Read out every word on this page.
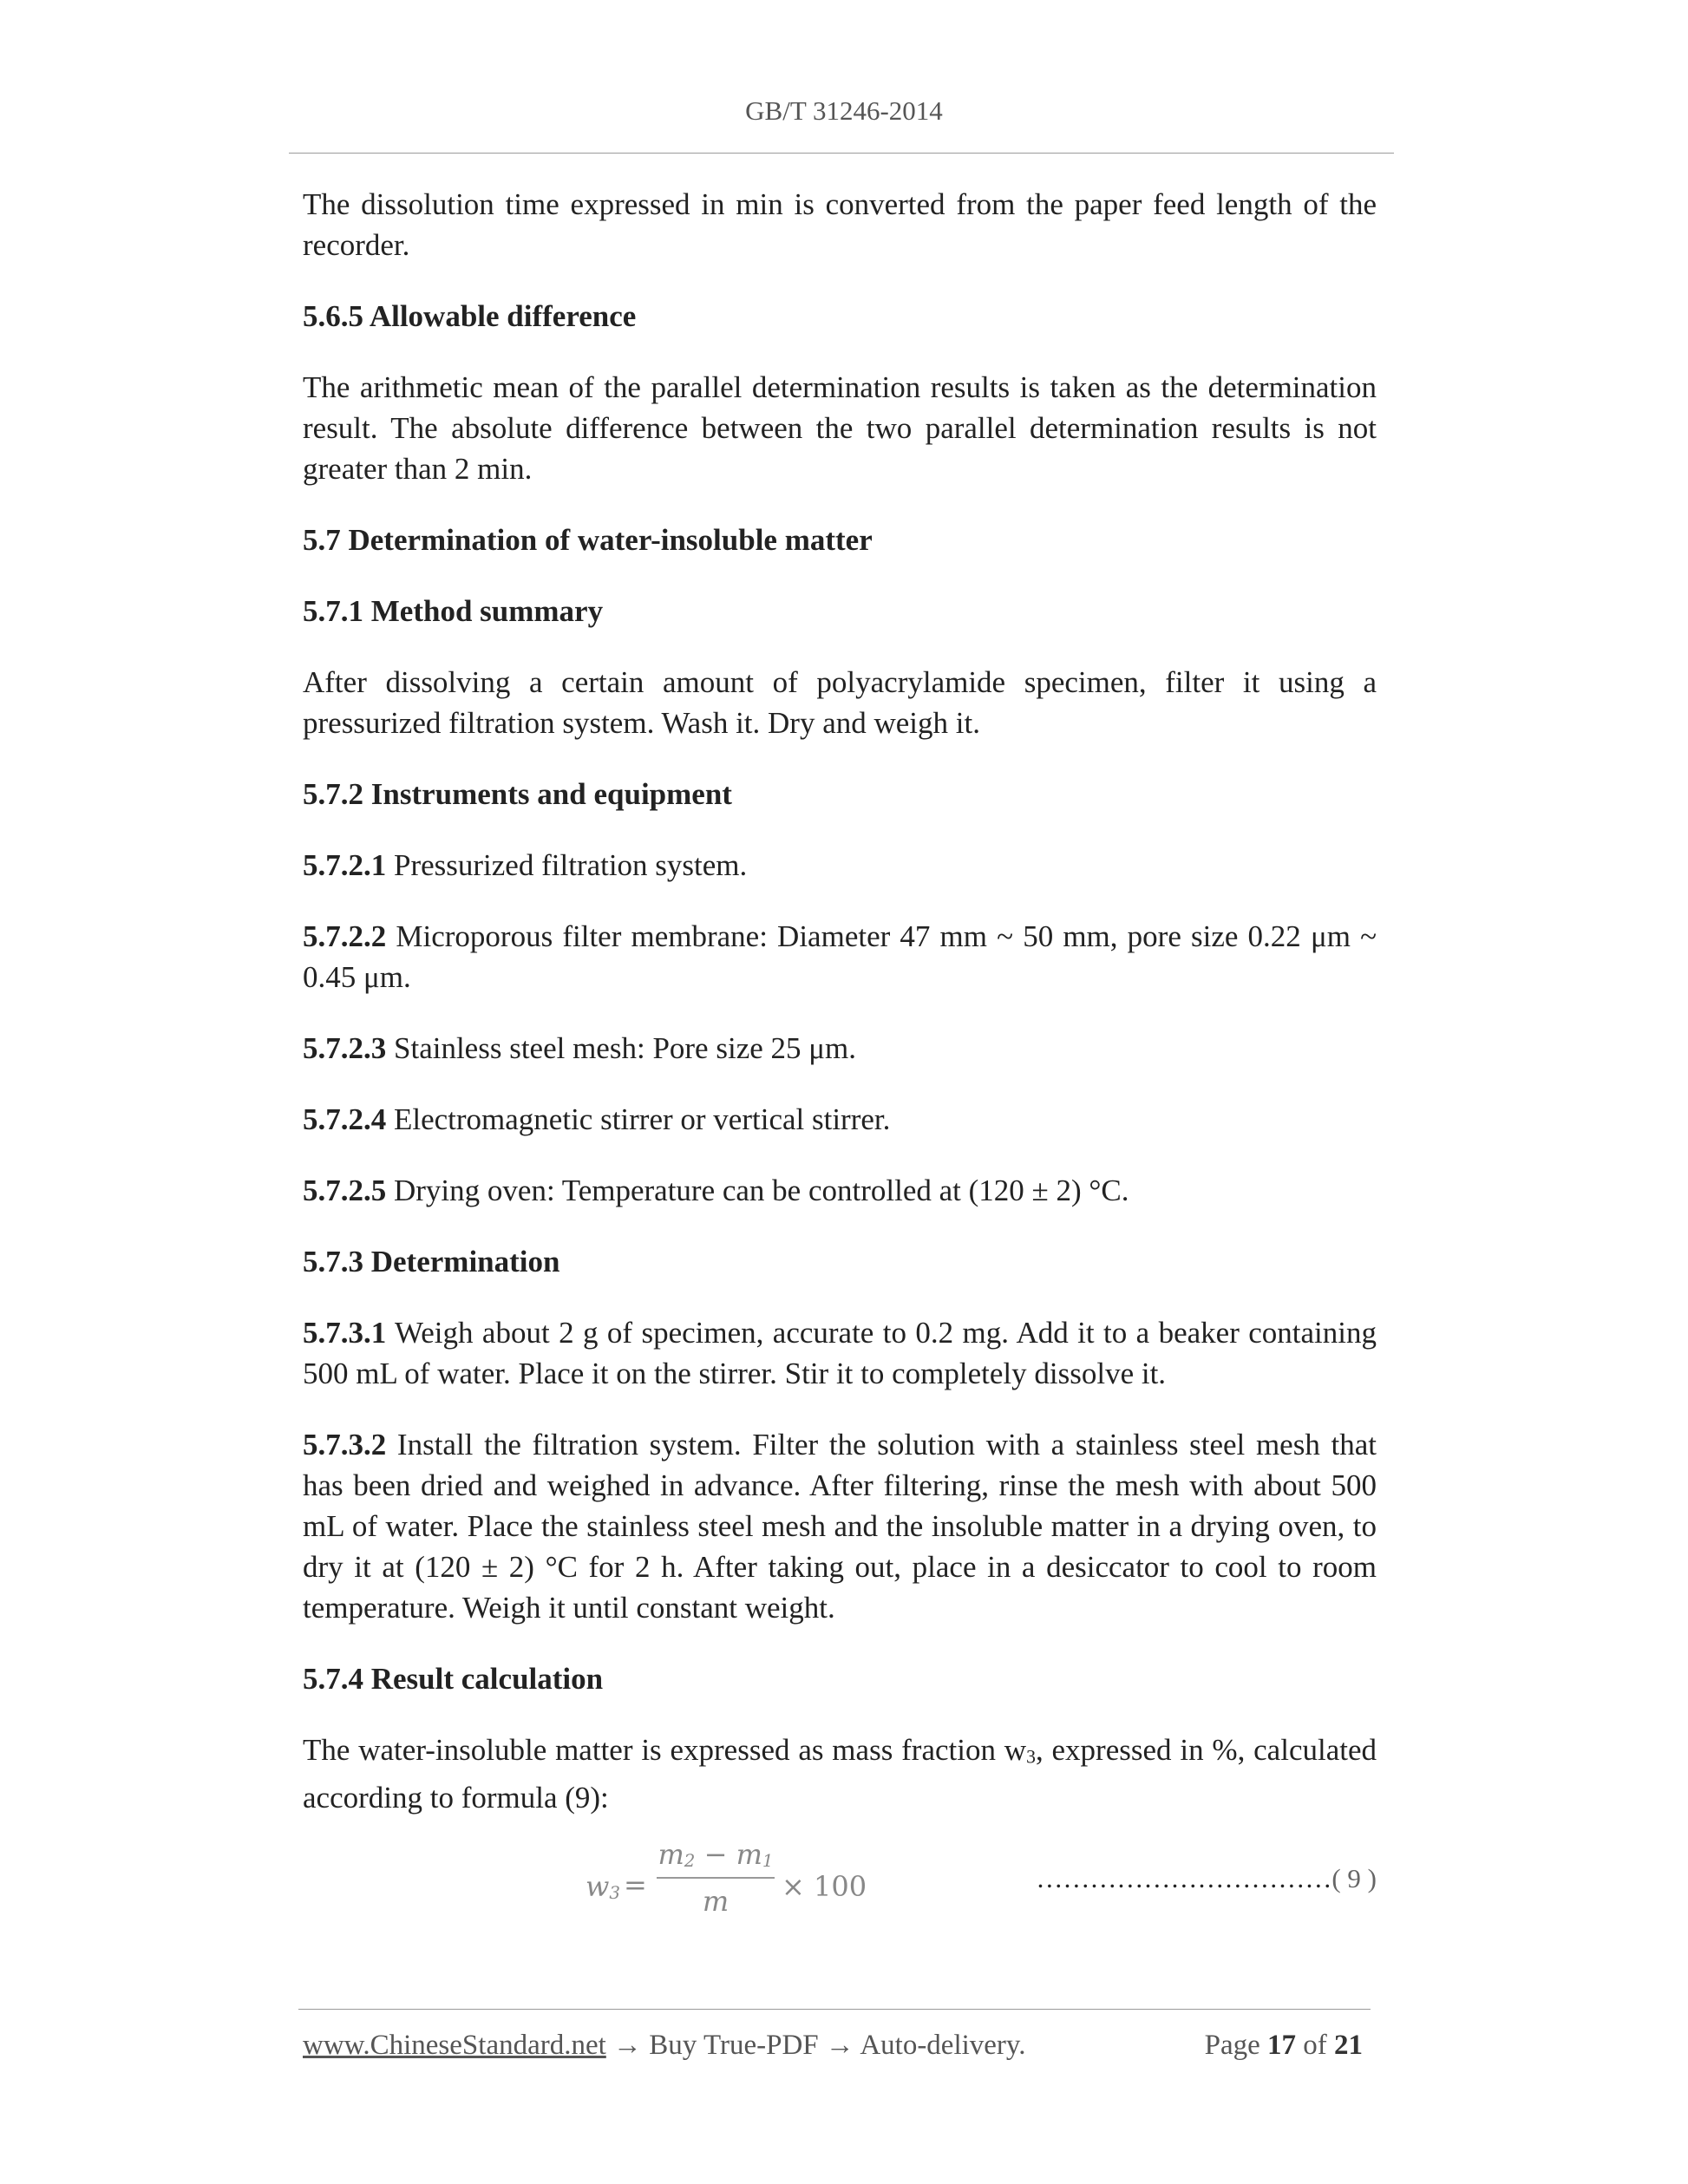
GB/T 31246-2014

The dissolution time expressed in min is converted from the paper feed length of the recorder.

5.6.5 Allowable difference

The arithmetic mean of the parallel determination results is taken as the determination result. The absolute difference between the two parallel determination results is not greater than 2 min.

5.7 Determination of water-insoluble matter

5.7.1 Method summary

After dissolving a certain amount of polyacrylamide specimen, filter it using a pressurized filtration system. Wash it. Dry and weigh it.

5.7.2 Instruments and equipment

5.7.2.1 Pressurized filtration system.

5.7.2.2 Microporous filter membrane: Diameter 47 mm ~ 50 mm, pore size 0.22 μm ~ 0.45 μm.

5.7.2.3 Stainless steel mesh: Pore size 25 μm.

5.7.2.4 Electromagnetic stirrer or vertical stirrer.

5.7.2.5 Drying oven: Temperature can be controlled at (120 ± 2) °C.

5.7.3 Determination

5.7.3.1 Weigh about 2 g of specimen, accurate to 0.2 mg. Add it to a beaker containing 500 mL of water. Place it on the stirrer. Stir it to completely dissolve it.

5.7.3.2 Install the filtration system. Filter the solution with a stainless steel mesh that has been dried and weighed in advance. After filtering, rinse the mesh with about 500 mL of water. Place the stainless steel mesh and the insoluble matter in a drying oven, to dry it at (120 ± 2) °C for 2 h. After taking out, place in a desiccator to cool to room temperature. Weigh it until constant weight.

5.7.4 Result calculation

The water-insoluble matter is expressed as mass fraction $w_3$, expressed in %, calculated according to formula (9):

$w_3$ =
$m_2 - m_1$
m	× 100	……………………………( 9 )
www.ChineseStandard.net → Buy True-PDF → Auto-delivery.	Page 17 of 21
